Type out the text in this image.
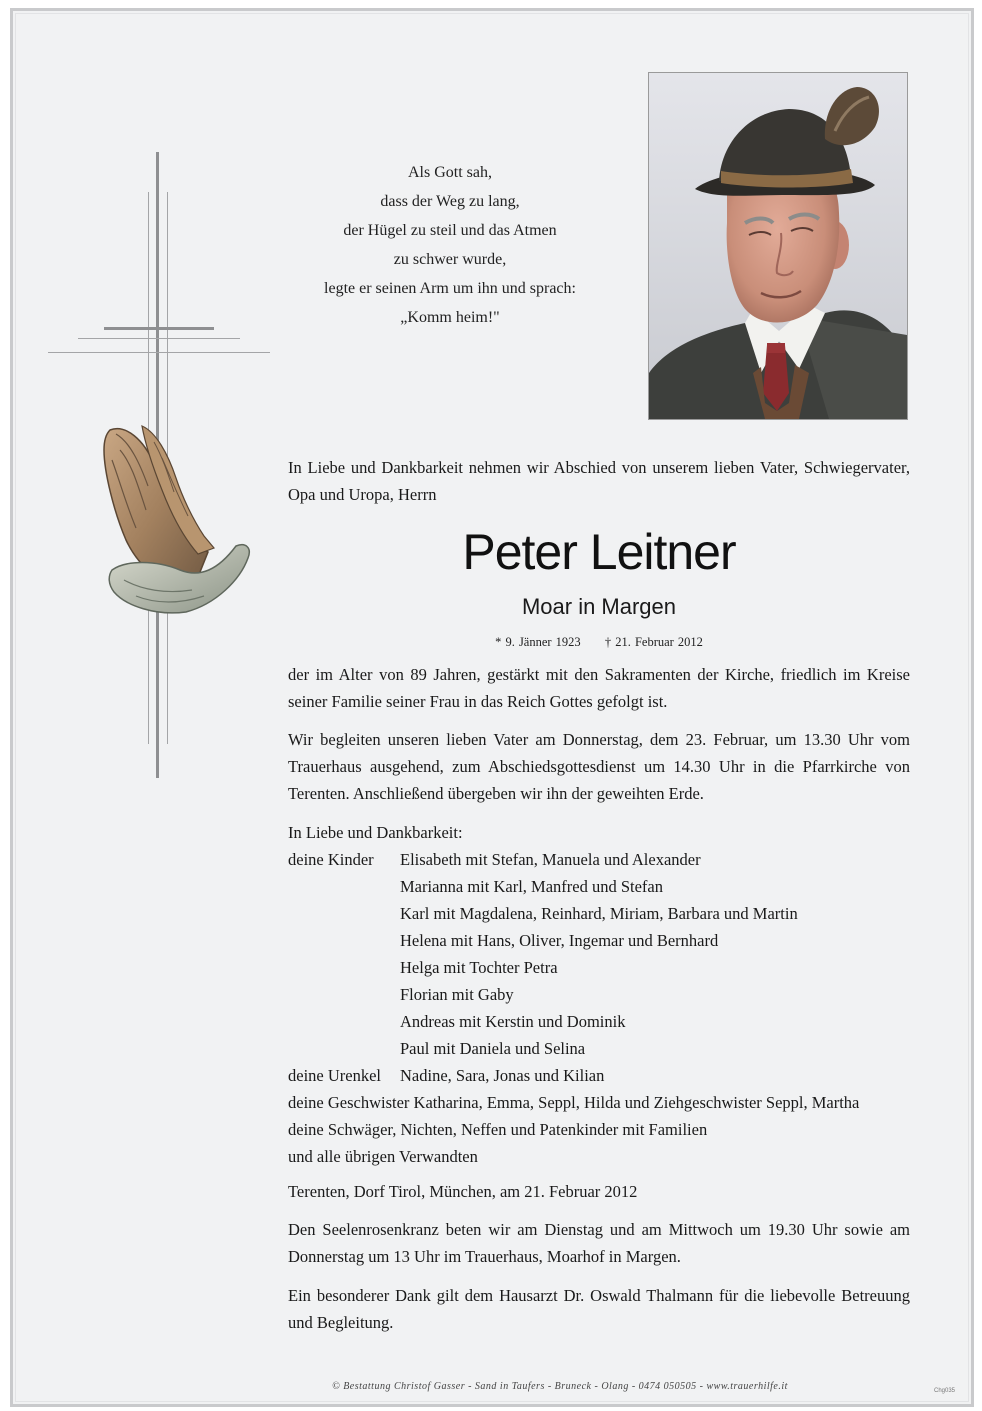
Als Gott sah,
dass der Weg zu lang,
der Hügel zu steil und das Atmen
zu schwer wurde,
legte er seinen Arm um ihn und sprach:
„Komm heim!"
In Liebe und Dankbarkeit nehmen wir Abschied von unserem lieben Vater, Schwiegervater, Opa und Uropa, Herrn
Peter Leitner
Moar in Margen
* 9. Jänner 1923 † 21. Februar 2012
der im Alter von 89 Jahren, gestärkt mit den Sakramenten der Kirche, friedlich im Kreise seiner Familie seiner Frau in das Reich Gottes gefolgt ist.
Wir begleiten unseren lieben Vater am Donnerstag, dem 23. Februar, um 13.30 Uhr vom Trauerhaus ausgehend, zum Abschiedsgottesdienst um 14.30 Uhr in die Pfarrkirche von Terenten. Anschließend übergeben wir ihn der geweihten Erde.
In Liebe und Dankbarkeit:
deine Kinder	Elisabeth mit Stefan, Manuela und Alexander
Marianna mit Karl, Manfred und Stefan
Karl mit Magdalena, Reinhard, Miriam, Barbara und Martin
Helena mit Hans, Oliver, Ingemar und Bernhard
Helga mit Tochter Petra
Florian mit Gaby
Andreas mit Kerstin und Dominik
Paul mit Daniela und Selina
deine Urenkel	Nadine, Sara, Jonas und Kilian
deine Geschwister Katharina, Emma, Seppl, Hilda und Ziehgeschwister Seppl, Martha
deine Schwäger, Nichten, Neffen und Patenkinder mit Familien
und alle übrigen Verwandten
Terenten, Dorf Tirol, München, am 21. Februar 2012
Den Seelenrosenkranz beten wir am Dienstag und am Mittwoch um 19.30 Uhr sowie am Donnerstag um 13 Uhr im Trauerhaus, Moarhof in Margen.
Ein besonderer Dank gilt dem Hausarzt Dr. Oswald Thalmann für die liebevolle Betreuung und Begleitung.
© Bestattung Christof Gasser - Sand in Taufers - Bruneck - Olang - 0474 050505 - www.trauerhilfe.it	Chg035
